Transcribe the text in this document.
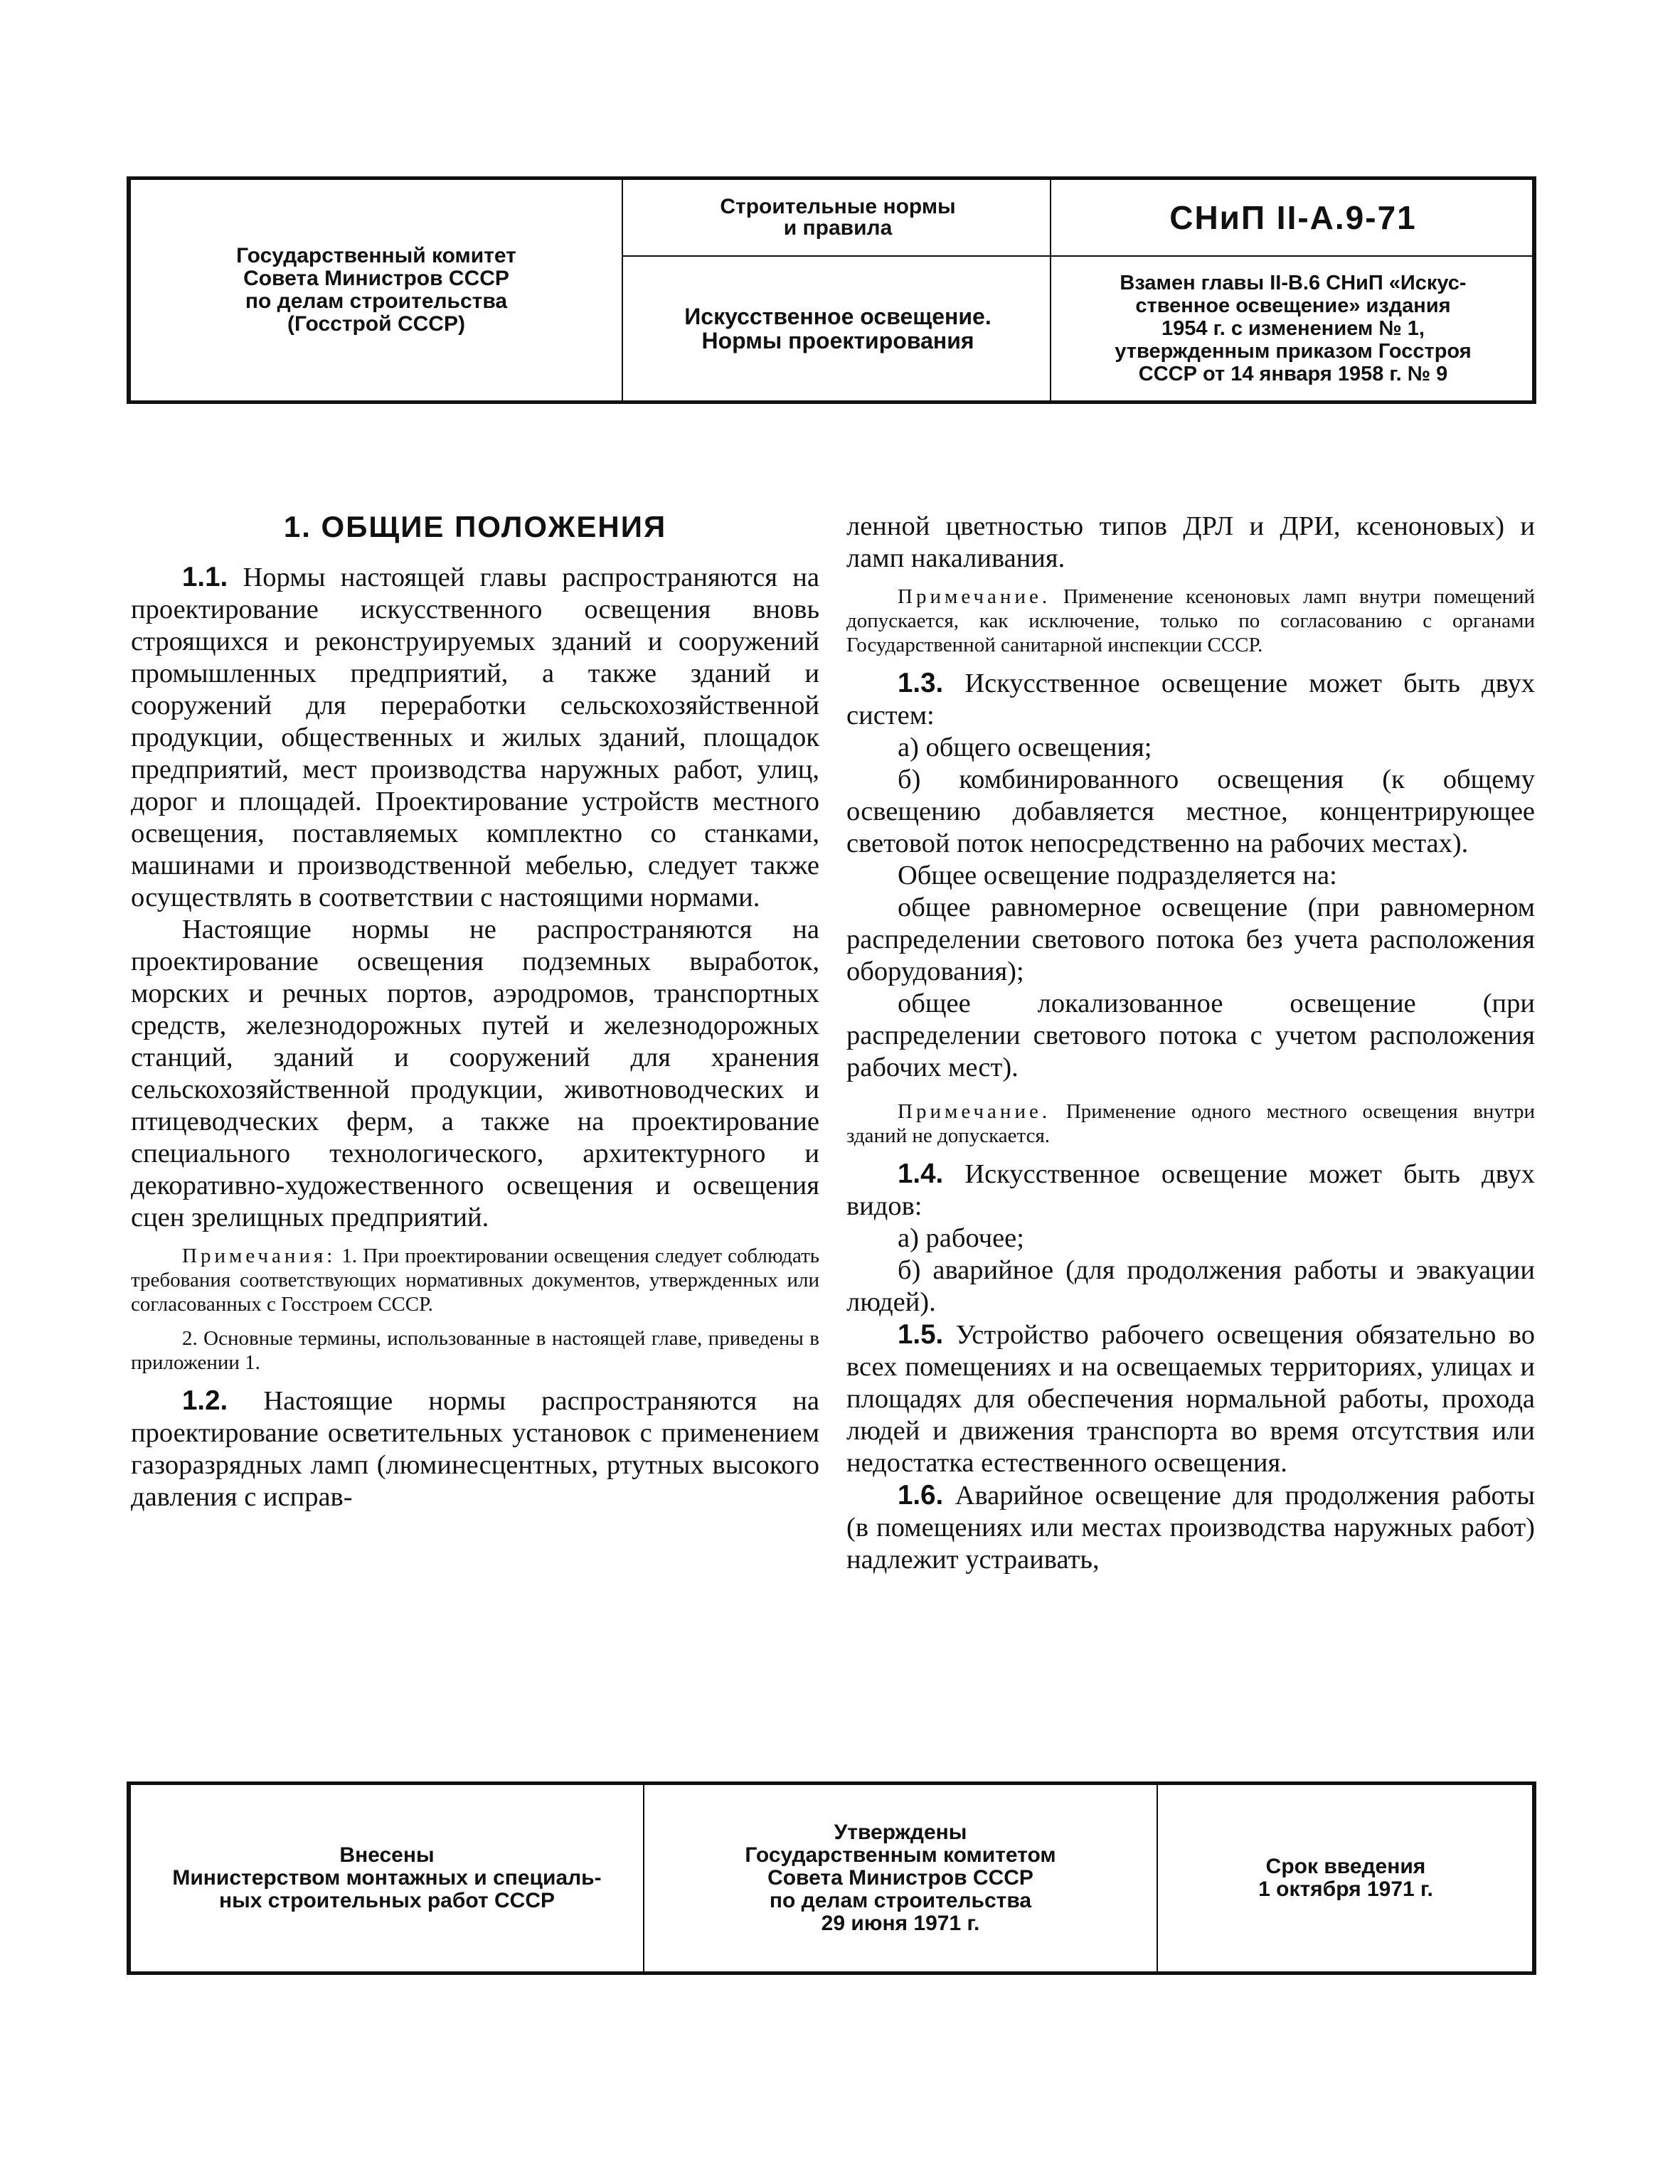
Государственный комитет
Совета Министров СССР
по делам строительства
(Госстрой СССР)
Строительные нормы
и правила
Искусственное освещение.
Нормы проектирования
СНиП II-А.9-71
Взамен главы II-В.6 СНиП «Искус-
ственное освещение» издания
1954 г. с изменением № 1,
утвержденным приказом Госстроя
СССР от 14 января 1958 г. № 9
1. ОБЩИЕ ПОЛОЖЕНИЯ

1.1. Нормы настоящей главы распространяются на проектирование искусственного освещения вновь строящихся и реконструируемых зданий и сооружений промышленных предприятий, а также зданий и сооружений для переработки сельскохозяйственной продукции, общественных и жилых зданий, площадок предприятий, мест производства наружных работ, улиц, дорог и площадей. Проектирование устройств местного освещения, поставляемых комплектно со станками, машинами и производственной мебелью, следует также осуществлять в соответствии с настоящими нормами.

Настоящие нормы не распространяются на проектирование освещения подземных выработок, морских и речных портов, аэродромов, транспортных средств, железнодорожных путей и железнодорожных станций, зданий и сооружений для хранения сельскохозяйственной продукции, животноводческих и птицеводческих ферм, а также на проектирование специального технологического, архитектурного и декоративно-художественного освещения и освещения сцен зрелищных предприятий.

Примечания: 1. При проектировании освещения следует соблюдать требования соответствующих нормативных документов, утвержденных или согласованных с Госстроем СССР.
2. Основные термины, использованные в настоящей главе, приведены в приложении 1.

1.2. Настоящие нормы распространяются на проектирование осветительных установок с применением газоразрядных ламп (люминесцентных, ртутных высокого давления с исправ-

ленной цветностью типов ДРЛ и ДРИ, ксеноновых) и ламп накаливания.

Примечание. Применение ксеноновых ламп внутри помещений допускается, как исключение, только по согласованию с органами Государственной санитарной инспекции СССР.

1.3. Искусственное освещение может быть двух систем:

а) общего освещения;

б) комбинированного освещения (к общему освещению добавляется местное, концентрирующее световой поток непосредственно на рабочих местах).

Общее освещение подразделяется на:

общее равномерное освещение (при равномерном распределении светового потока без учета расположения оборудования);

общее локализованное освещение (при распределении светового потока с учетом расположения рабочих мест).

Примечание. Применение одного местного освещения внутри зданий не допускается.

1.4. Искусственное освещение может быть двух видов:

а) рабочее;

б) аварийное (для продолжения работы и эвакуации людей).

1.5. Устройство рабочего освещения обязательно во всех помещениях и на освещаемых территориях, улицах и площадях для обеспечения нормальной работы, прохода людей и движения транспорта во время отсутствия или недостатка естественного освещения.

1.6. Аварийное освещение для продолжения работы (в помещениях или местах производства наружных работ) надлежит устраивать,

Внесены
Министерством монтажных и специаль-
ных строительных работ СССР
Утверждены
Государственным комитетом
Совета Министров СССР
по делам строительства
29 июня 1971 г.
Срок введения
1 октября 1971 г.
